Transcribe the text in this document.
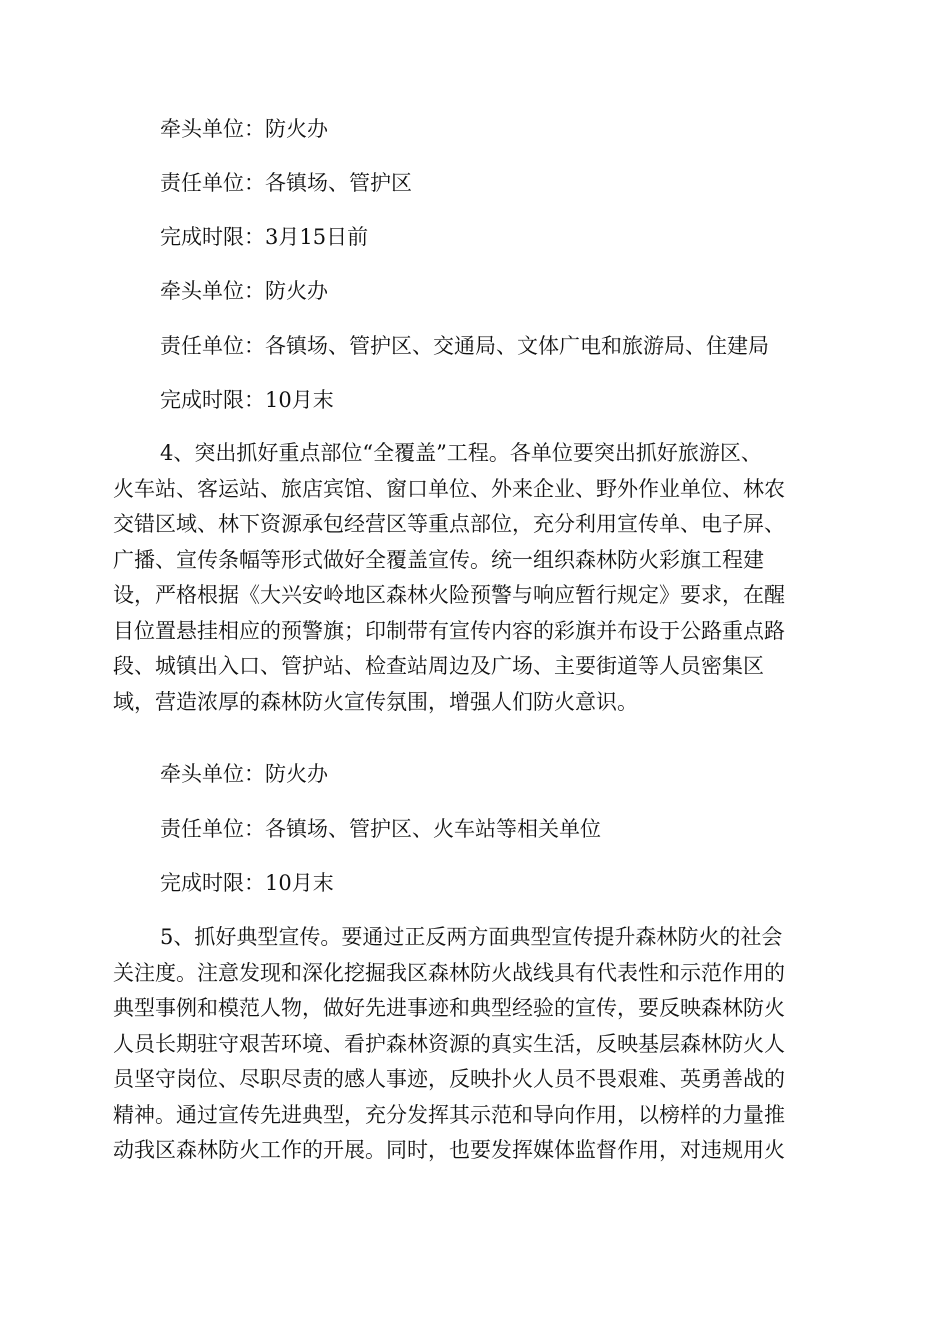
牵头单位：防火办

责任单位：各镇场、管护区

完成时限：3月15日前

牵头单位：防火办

责任单位：各镇场、管护区、交通局、文体广电和旅游局、住建局

完成时限：10月末

4、突出抓好重点部位“全覆盖”工程。各单位要突出抓好旅游区、
火车站、客运站、旅店宾馆、窗口单位、外来企业、野外作业单位、林农
交错区域、林下资源承包经营区等重点部位，充分利用宣传单、电子屏、
广播、宣传条幅等形式做好全覆盖宣传。统一组织森林防火彩旗工程建
设，严格根据《大兴安岭地区森林火险预警与响应暂行规定》要求，在醒
目位置悬挂相应的预警旗；印制带有宣传内容的彩旗并布设于公路重点路
段、城镇出入口、管护站、检查站周边及广场、主要街道等人员密集区
域，营造浓厚的森林防火宣传氛围，增强人们防火意识。

牵头单位：防火办

责任单位：各镇场、管护区、火车站等相关单位

完成时限：10月末

5、抓好典型宣传。要通过正反两方面典型宣传提升森林防火的社会
关注度。注意发现和深化挖掘我区森林防火战线具有代表性和示范作用的
典型事例和模范人物，做好先进事迹和典型经验的宣传，要反映森林防火
人员长期驻守艰苦环境、看护森林资源的真实生活，反映基层森林防火人
员坚守岗位、尽职尽责的感人事迹，反映扑火人员不畏艰难、英勇善战的
精神。通过宣传先进典型，充分发挥其示范和导向作用，以榜样的力量推
动我区森林防火工作的开展。同时，也要发挥媒体监督作用，对违规用火
